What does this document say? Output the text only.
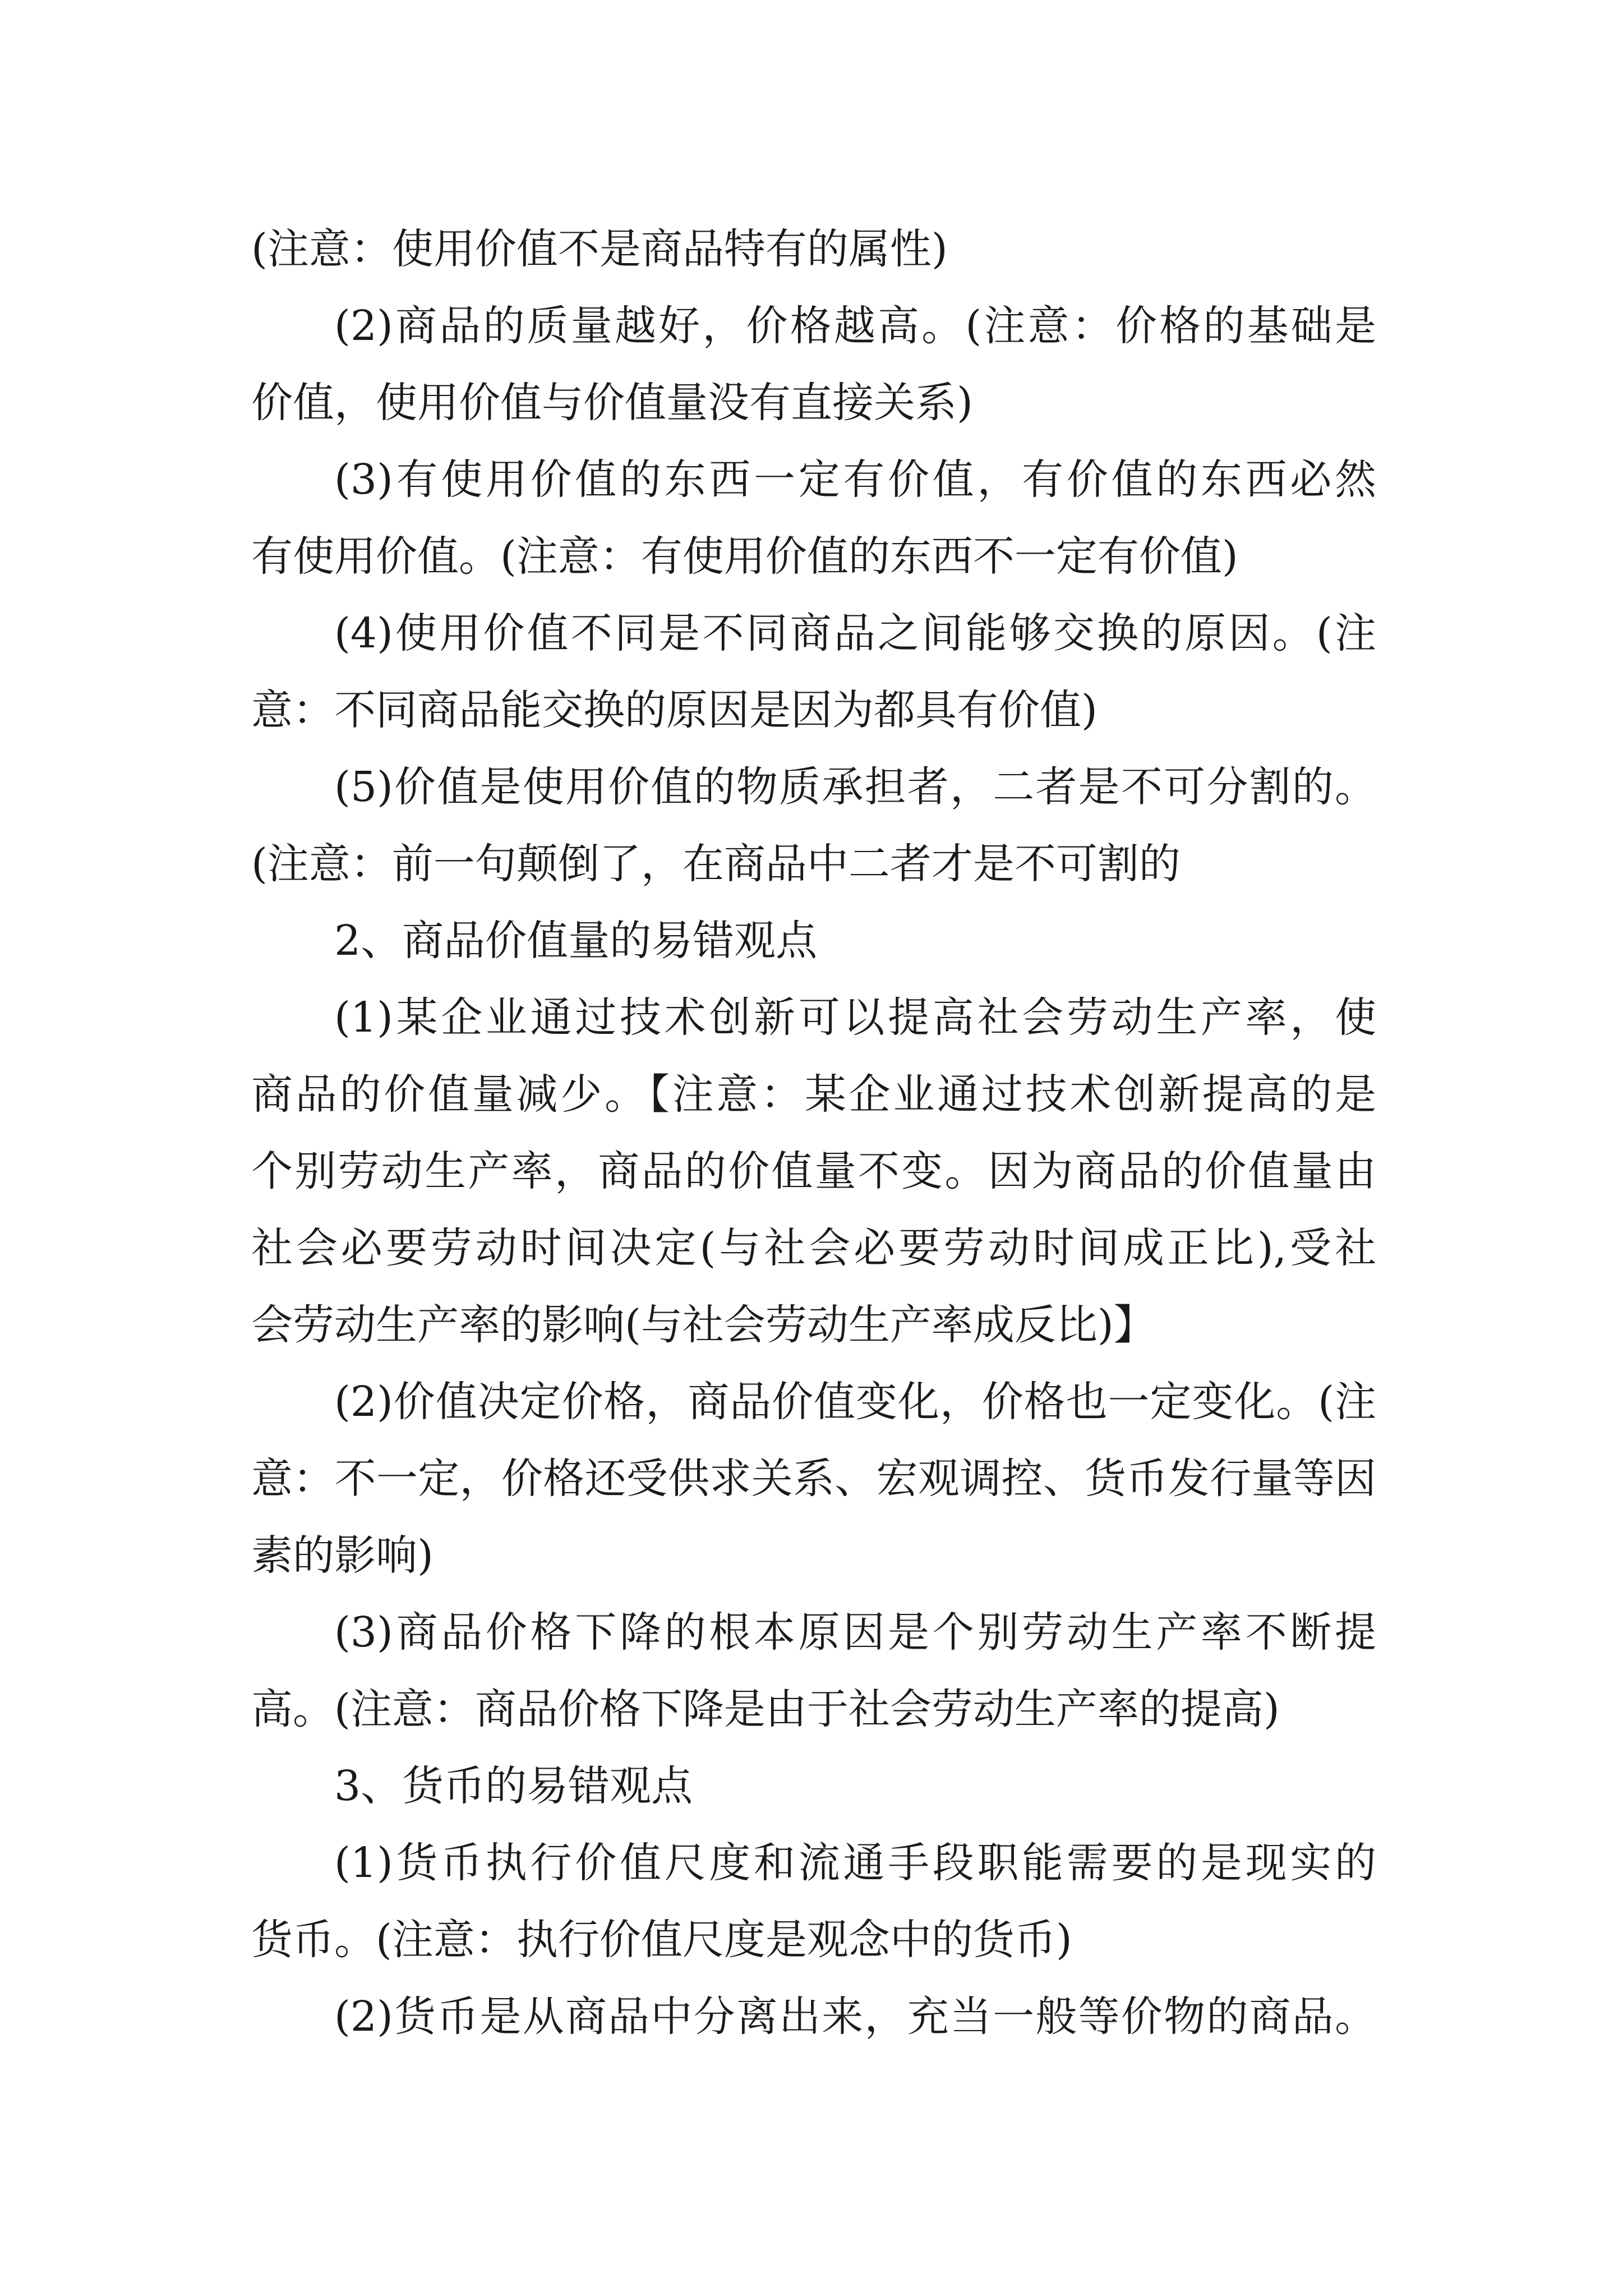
(注意：使用价值不是商品特有的属性)
(2)商品的质量越好，价格越高。(注意：价格的基础是
价值，使用价值与价值量没有直接关系)
(3)有使用价值的东西一定有价值，有价值的东西必然
有使用价值。(注意：有使用价值的东西不一定有价值)
(4)使用价值不同是不同商品之间能够交换的原因。(注
意：不同商品能交换的原因是因为都具有价值)
(5)价值是使用价值的物质承担者，二者是不可分割的。
(注意：前一句颠倒了，在商品中二者才是不可割的
2、商品价值量的易错观点
(1)某企业通过技术创新可以提高社会劳动生产率，使
商品的价值量减少。【注意：某企业通过技术创新提高的是
个别劳动生产率，商品的价值量不变。因为商品的价值量由
社会必要劳动时间决定(与社会必要劳动时间成正比),受社
会劳动生产率的影响(与社会劳动生产率成反比)】
(2)价值决定价格，商品价值变化，价格也一定变化。(注
意：不一定，价格还受供求关系、宏观调控、货币发行量等因
素的影响)
(3)商品价格下降的根本原因是个别劳动生产率不断提
高。(注意：商品价格下降是由于社会劳动生产率的提高)
3、货币的易错观点
(1)货币执行价值尺度和流通手段职能需要的是现实的
货币。(注意：执行价值尺度是观念中的货币)
(2)货币是从商品中分离出来，充当一般等价物的商品。
